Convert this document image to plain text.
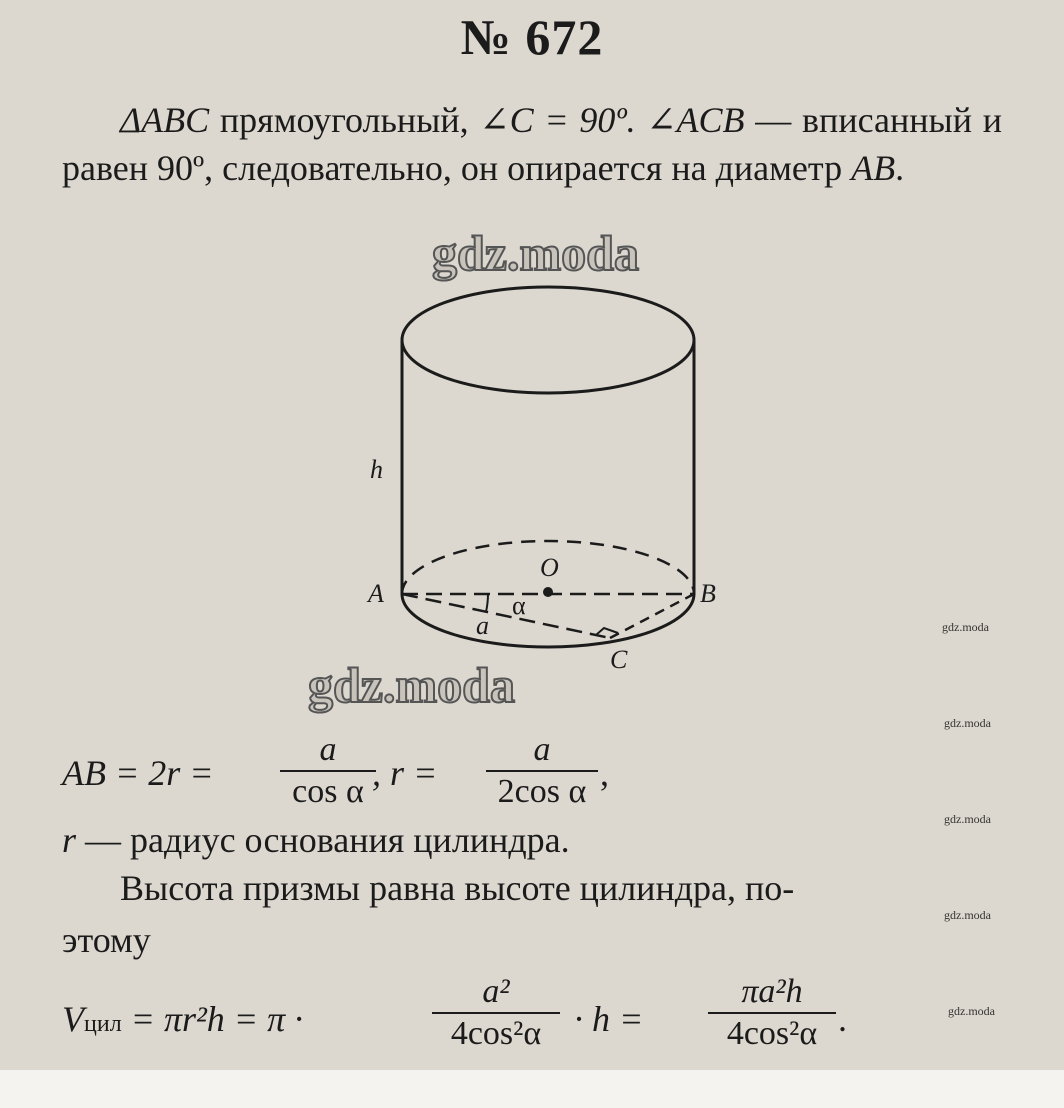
№ 672

ΔABC прямоугольный, ∠C = 90º. ∠ACB — вписанный и равен 90º, следовательно, он опирается на диаметр AB.

gdz.moda
gdz.moda
gdz.moda
gdz.moda
gdz.moda
gdz.moda
gdz.moda
h
O
A	B
C
a
α
AB = 2r =
a
cos α , r =
a
2cos α ,
r — радиус основания цилиндра.
Высота призмы равна высоте цилиндра, по-
этому
Vцил = πr²h = π ·
a²
4cos²α · h =
πa²h
4cos²α .
